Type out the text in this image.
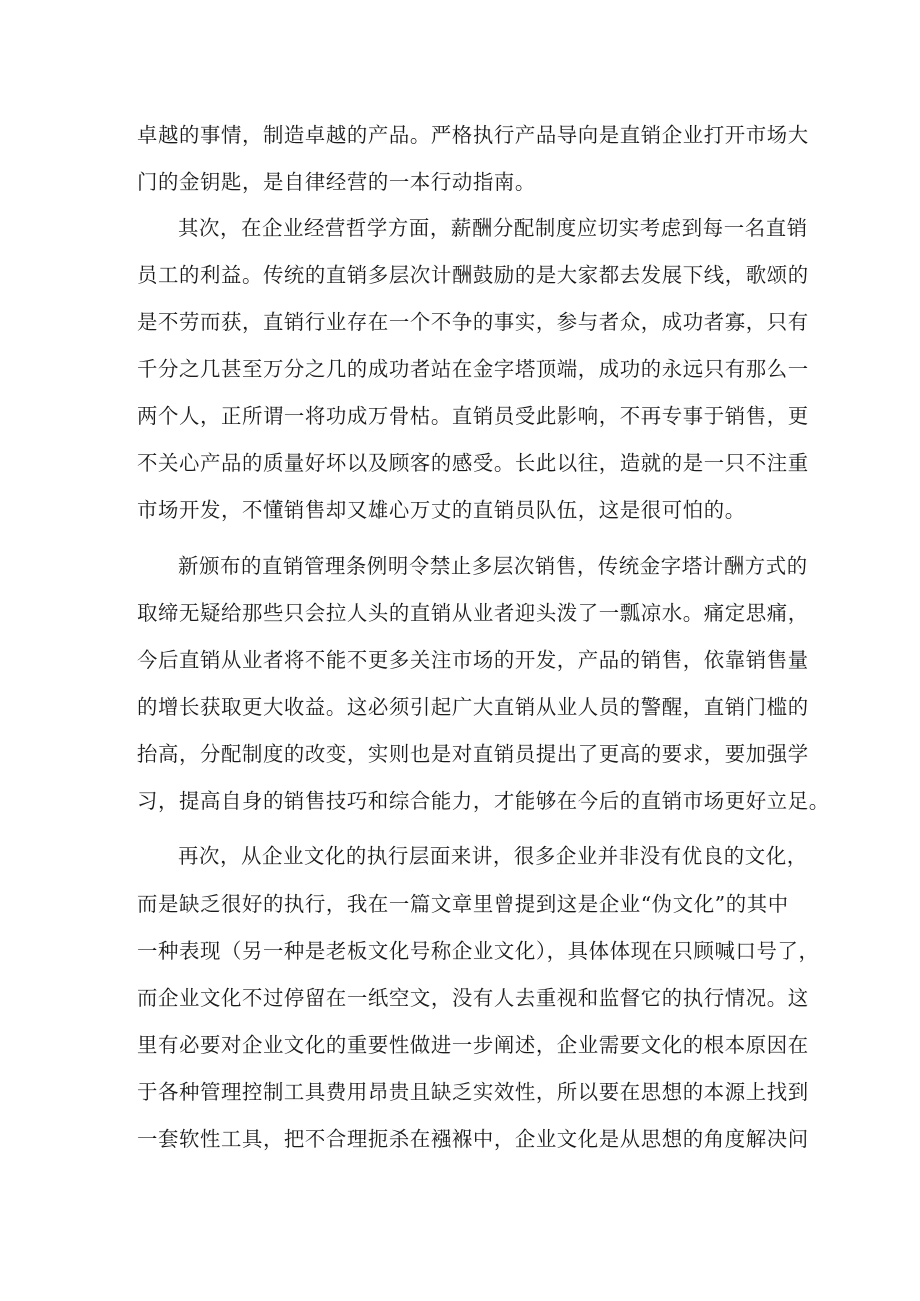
卓越的事情，制造卓越的产品。严格执行产品导向是直销企业打开市场大
门的金钥匙，是自律经营的一本行动指南。
其次，在企业经营哲学方面，薪酬分配制度应切实考虑到每一名直销
员工的利益。传统的直销多层次计酬鼓励的是大家都去发展下线，歌颂的
是不劳而获，直销行业存在一个不争的事实，参与者众，成功者寡，只有
千分之几甚至万分之几的成功者站在金字塔顶端，成功的永远只有那么一
两个人，正所谓一将功成万骨枯。直销员受此影响，不再专事于销售，更
不关心产品的质量好坏以及顾客的感受。长此以往，造就的是一只不注重
市场开发，不懂销售却又雄心万丈的直销员队伍，这是很可怕的。
新颁布的直销管理条例明令禁止多层次销售，传统金字塔计酬方式的
取缔无疑给那些只会拉人头的直销从业者迎头泼了一瓢凉水。痛定思痛，
今后直销从业者将不能不更多关注市场的开发，产品的销售，依靠销售量
的增长获取更大收益。这必须引起广大直销从业人员的警醒，直销门槛的
抬高，分配制度的改变，实则也是对直销员提出了更高的要求，要加强学
习，提高自身的销售技巧和综合能力，才能够在今后的直销市场更好立足。
再次，从企业文化的执行层面来讲，很多企业并非没有优良的文化，
而是缺乏很好的执行，我在一篇文章里曾提到这是企业“伪文化”的其中
一种表现（另一种是老板文化号称企业文化），具体体现在只顾喊口号了，
而企业文化不过停留在一纸空文，没有人去重视和监督它的执行情况。这
里有必要对企业文化的重要性做进一步阐述，企业需要文化的根本原因在
于各种管理控制工具费用昂贵且缺乏实效性，所以要在思想的本源上找到
一套软性工具，把不合理扼杀在襁褓中，企业文化是从思想的角度解决问
